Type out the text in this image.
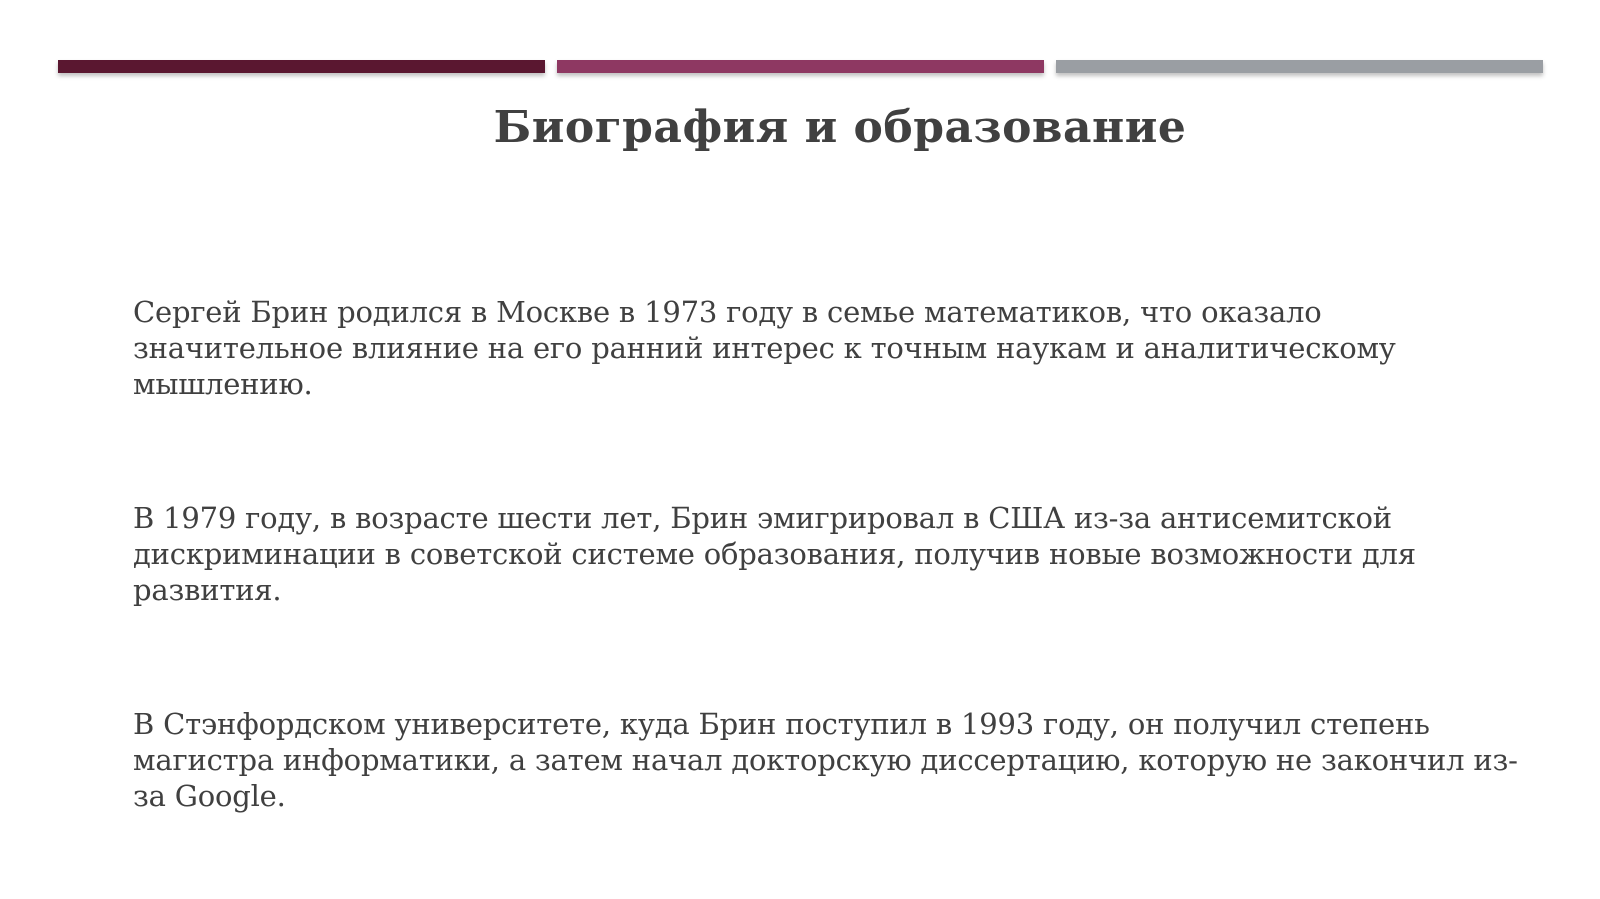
Биография и образование
Сергей Брин родился в Москве в 1973 году в семье математиков, что оказало значительное влияние на его ранний интерес к точным наукам и аналитическому мышлению.
В 1979 году, в возрасте шести лет, Брин эмигрировал в США из-за антисемитской дискриминации в советской системе образования, получив новые возможности для развития.
В Стэнфордском университете, куда Брин поступил в 1993 году, он получил степень магистра информатики, а затем начал докторскую диссертацию, которую не закончил из-за Google.
